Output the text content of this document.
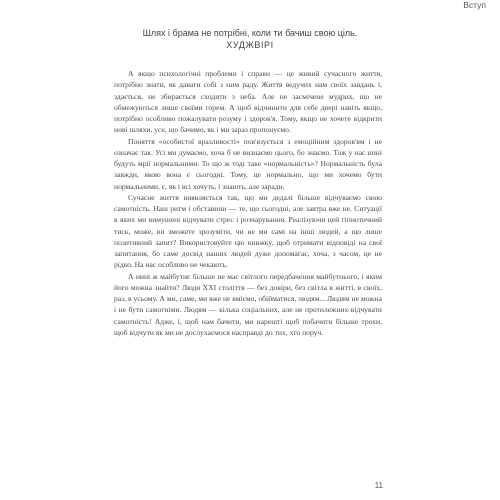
Вступ
Шлях і брама не потрібні, коли ти бачиш свою ціль.
ХУДЖВІРІ

А якщо психологічні проблеми і справи — це живий сучасного життя, потрібно знати, як давати собі з ним раду. Життя ведучих нам своїх завдань і, здається, не збирається сходити з неба. Але не засмічене мудрих, що не обмежуються лише своїми горем. А щоб відчинити для себе двері навіть якщо, потрібно особливо пожалувати розуму і здоров'я. Тому, якщо не хочете відкрити нові шляхи, усе, що бачимо, як і ми зараз пропонуємо.

Поняття «особистої вразливості» пов'язується з емоційним здоров'ям і не означає так. Усі ми думаємо, хоча б не визнаємо цього, бо знаємо. Тож у нас нині будуть мрії нормальними. То що ж тоді таке «нормальність»? Нормальність була завжди, якою вона є сьогодні. Тому, це нормально, що ми хочемо бути нормальними, є, як і всі хочуть, і знають, але заради.

Сучасне життя виявляється так, що ми дедалі більше відчуваємо свою самотність. Наш ритм і обставини — те, що сьогодні, але завтра вже не. Ситуації в яких ми вимушені відчувати стрес і розчарування. Реалізуючи цей гіпнотичний тиск, може, ви зможете зрозуміти, чи не ми самі на інші людей, а що лише позитивний запит? Використовуйте цю книжку, щоб отримати відповіді на свої запитання, бо саме досвід наших людей дуже допомагає, хоча, з часом, це не рідко. На нас особливо не чекають.

А нині ж майбутнє більше не має світлого передбачення майбутнього, і яким його можна знайти? Люди XXI століття — без довіри, без світла в житті, в своїх, раз, в усьому. А ми, саме, ми вже не вміємо, обійматися, людям... Людям не можна і не бути самотніми. Людям — кілька соціальних, але не протилежних відчувати самотність! Адже, і, щоб нам бачити, ми нарешті щоб побачити більше трохи, щоб відчути як ми не дослухаємося насправді до тих, хто поруч.

11
